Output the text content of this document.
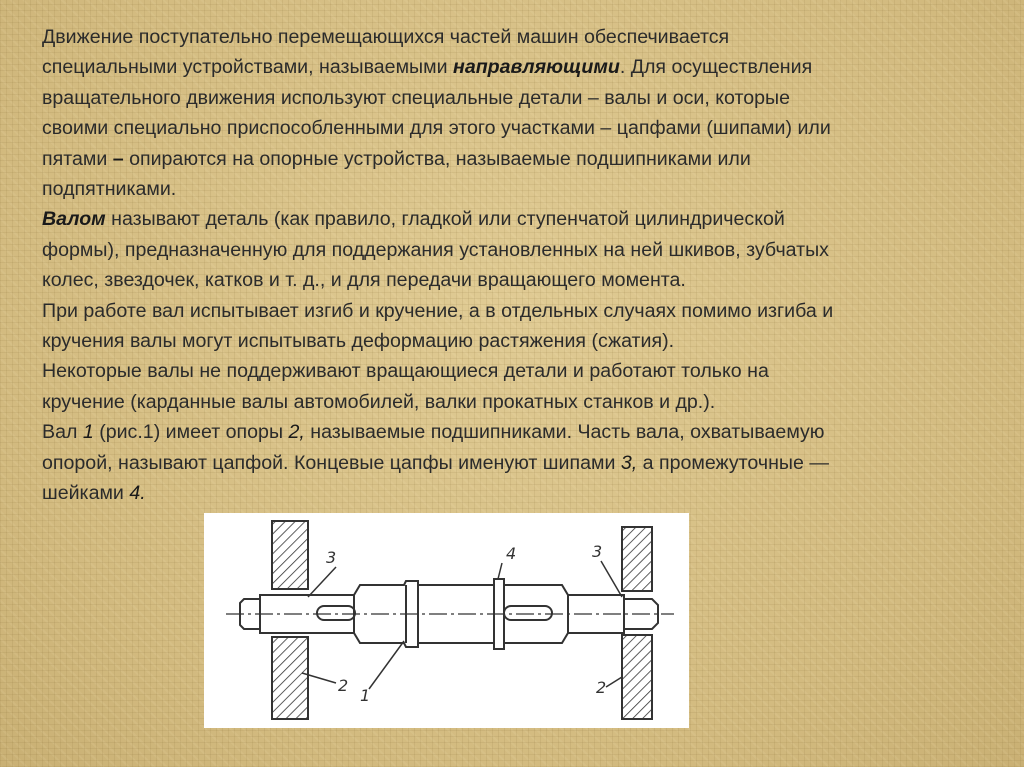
Движение поступательно перемещающихся частей машин обеспечивается

специальными устройствами, называемыми направляющими. Для осуществления

вращательного движения используют специальные детали – валы и оси, которые

своими специально приспособленными для этого участками – цапфами (шипами) или

пятами – опираются на опорные устройства, называемые подшипниками или

подпятниками.

Валом называют деталь (как правило, гладкой или ступенчатой цилиндрической

формы), предназначенную для поддержания установленных на ней шкивов, зубчатых

колес, звездочек, катков и т. д., и для передачи вращающего момента.

При работе вал испытывает изгиб и кручение, а в отдельных случаях помимо изгиба и

кручения валы могут испытывать деформацию растяжения (сжатия).

Некоторые валы не поддерживают вращающиеся детали и работают только на

кручение (карданные валы автомобилей, валки прокатных станков и др.).

Вал 1 (рис.1) имеет опоры 2, называемые подшипниками. Часть вала, охватываемую

опорой, называют цапфой. Концевые цапфы именуют шипами 3, а промежуточные —

шейками 4.

3	4	3
2
1	2
